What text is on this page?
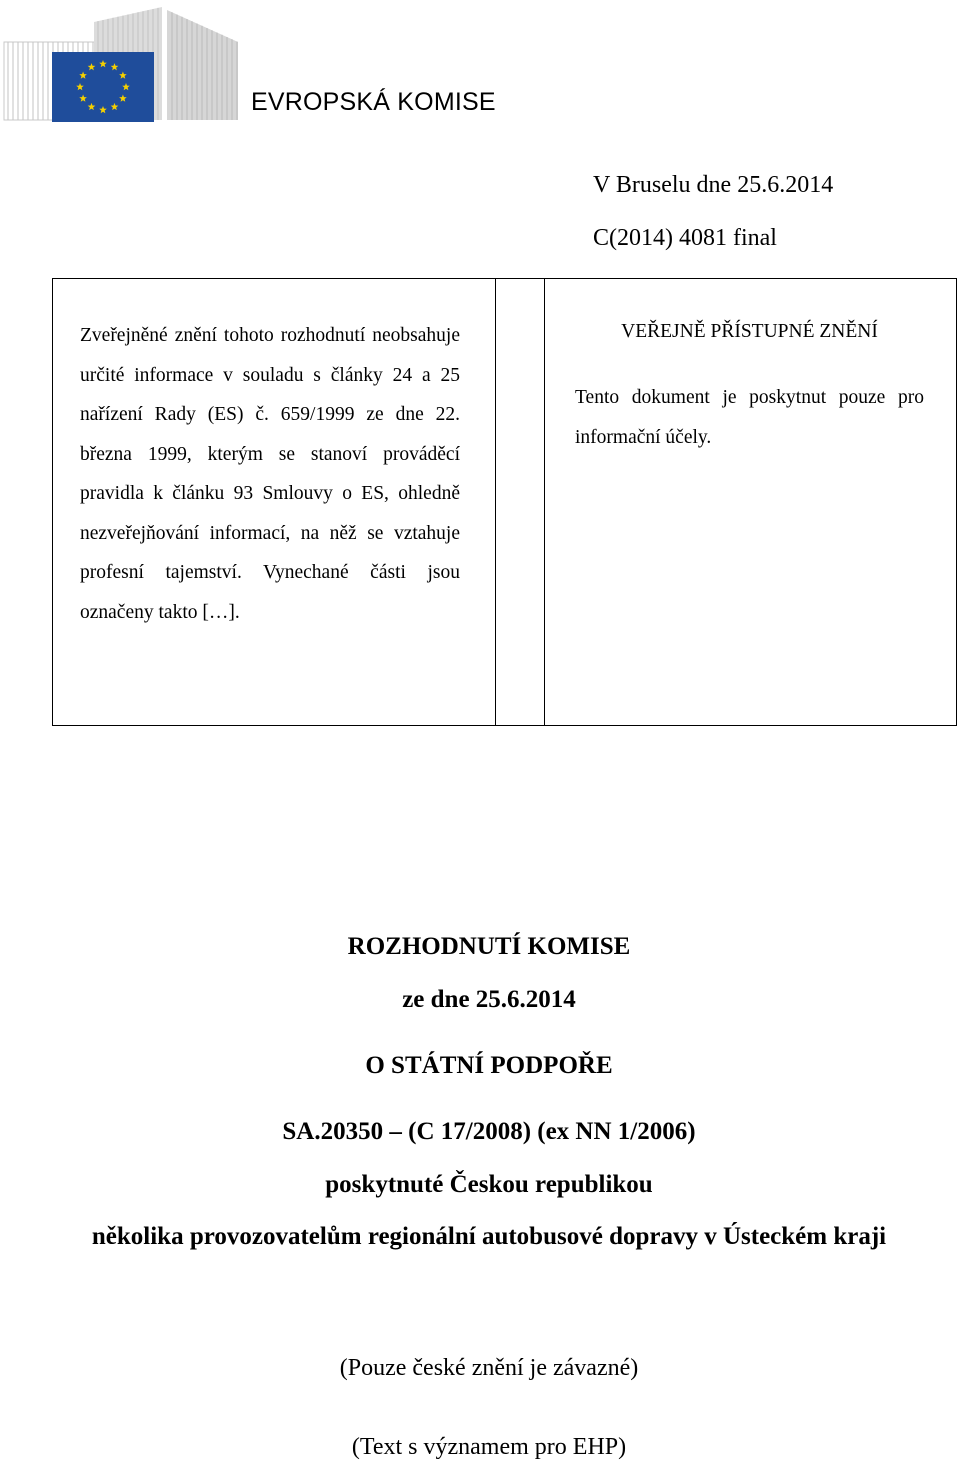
EVROPSKÁ KOMISE
V Bruselu dne 25.6.2014
C(2014) 4081 final
Zveřejněné znění tohoto rozhodnutí neobsahuje určité informace v souladu s články 24 a 25 nařízení Rady (ES) č. 659/1999 ze dne 22. března 1999, kterým se stanoví prováděcí pravidla k článku 93 Smlouvy o ES, ohledně nezveřejňování informací, na něž se vztahuje profesní tajemství. Vynechané části jsou označeny takto […].
VEŘEJNĚ PŘÍSTUPNÉ ZNĚNÍ
Tento dokument je poskytnut pouze pro informační účely.
ROZHODNUTÍ KOMISE
ze dne 25.6.2014
O STÁTNÍ PODPOŘE
SA.20350 – (C 17/2008) (ex NN 1/2006)
poskytnuté Českou republikou
několika provozovatelům regionální autobusové dopravy v Ústeckém kraji
(Pouze české znění je závazné)
(Text s významem pro EHP)
